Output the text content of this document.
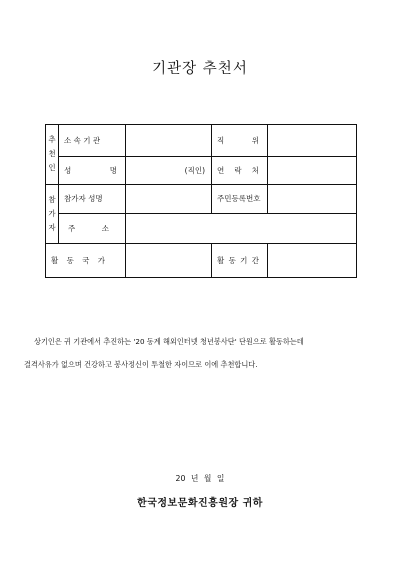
기관장 추천서
추
천
인	소 속 기 관		직 위	

	성 명	(직인)	연 락 처	

참
가
자	참가자 성명		주민등록번호	

	주 소			

활 동 국 가			활 동 기 간	

상기인은 귀 기관에서 추진하는 '20 동계 해외인터넷 청년봉사단' 단원으로 활동하는데
결격사유가 없으며 건강하고 봉사정신이 투철한 자이므로 이에 추천합니다.
20 년 월 일
한국정보문화진흥원장 귀하
